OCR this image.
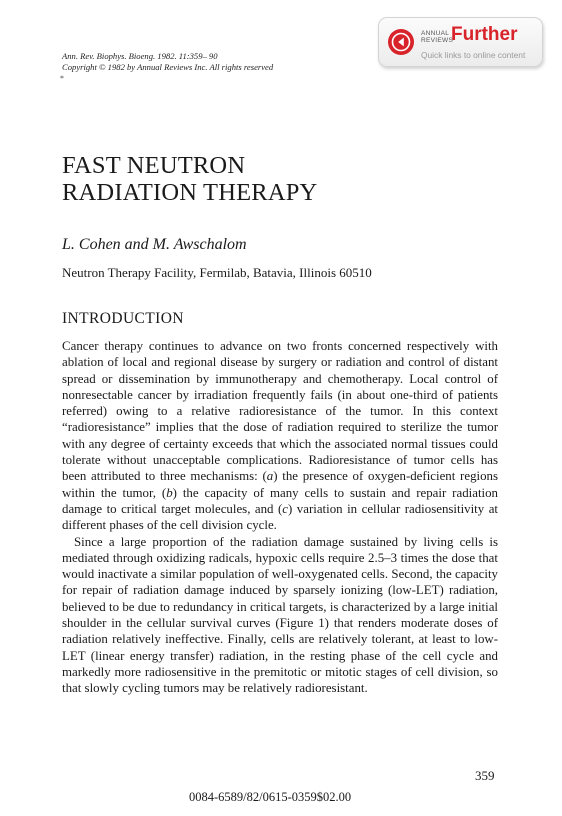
Ann. Rev. Biophys. Bioeng. 1982. 11:359– 90
Copyright © 1982 by Annual Reviews Inc. All rights reserved
*
ANNUAL
REVIEWS
Further
Quick links to online content
FAST NEUTRON
RADIATION THERAPY
L. Cohen and M. Awschalom
Neutron Therapy Facility, Fermilab, Batavia, Illinois 60510
INTRODUCTION

Cancer therapy continues to advance on two fronts concerned respectively with ablation of local and regional disease by surgery or radiation and control of distant spread or dissemination by immunotherapy and chemotherapy. Local control of nonresectable cancer by irradiation frequently fails (in about one-third of patients referred) owing to a relative radioresistance of the tumor. In this context “radioresistance” implies that the dose of radiation required to sterilize the tumor with any degree of certainty exceeds that which the associated normal tissues could tolerate without unacceptable complications. Radioresistance of tumor cells has been attributed to three mechanisms: (a) the presence of oxygen-deficient regions within the tumor, (b) the capacity of many cells to sustain and repair radiation damage to critical target molecules, and (c) variation in cellular radiosensitivity at different phases of the cell division cycle.

Since a large proportion of the radiation damage sustained by living cells is mediated through oxidizing radicals, hypoxic cells require 2.5–3 times the dose that would inactivate a similar population of well-oxygenated cells. Second, the capacity for repair of radiation damage induced by sparsely ionizing (low-LET) radiation, believed to be due to redundancy in critical targets, is characterized by a large initial shoulder in the cellular survival curves (Figure 1) that renders moderate doses of radiation relatively ineffective. Finally, cells are relatively tolerant, at least to low-LET (linear energy transfer) radiation, in the resting phase of the cell cycle and markedly more radiosensitive in the premitotic or mitotic stages of cell division, so that slowly cycling tumors may be relatively radioresistant.

359
0084-6589/82/0615-0359$02.00
